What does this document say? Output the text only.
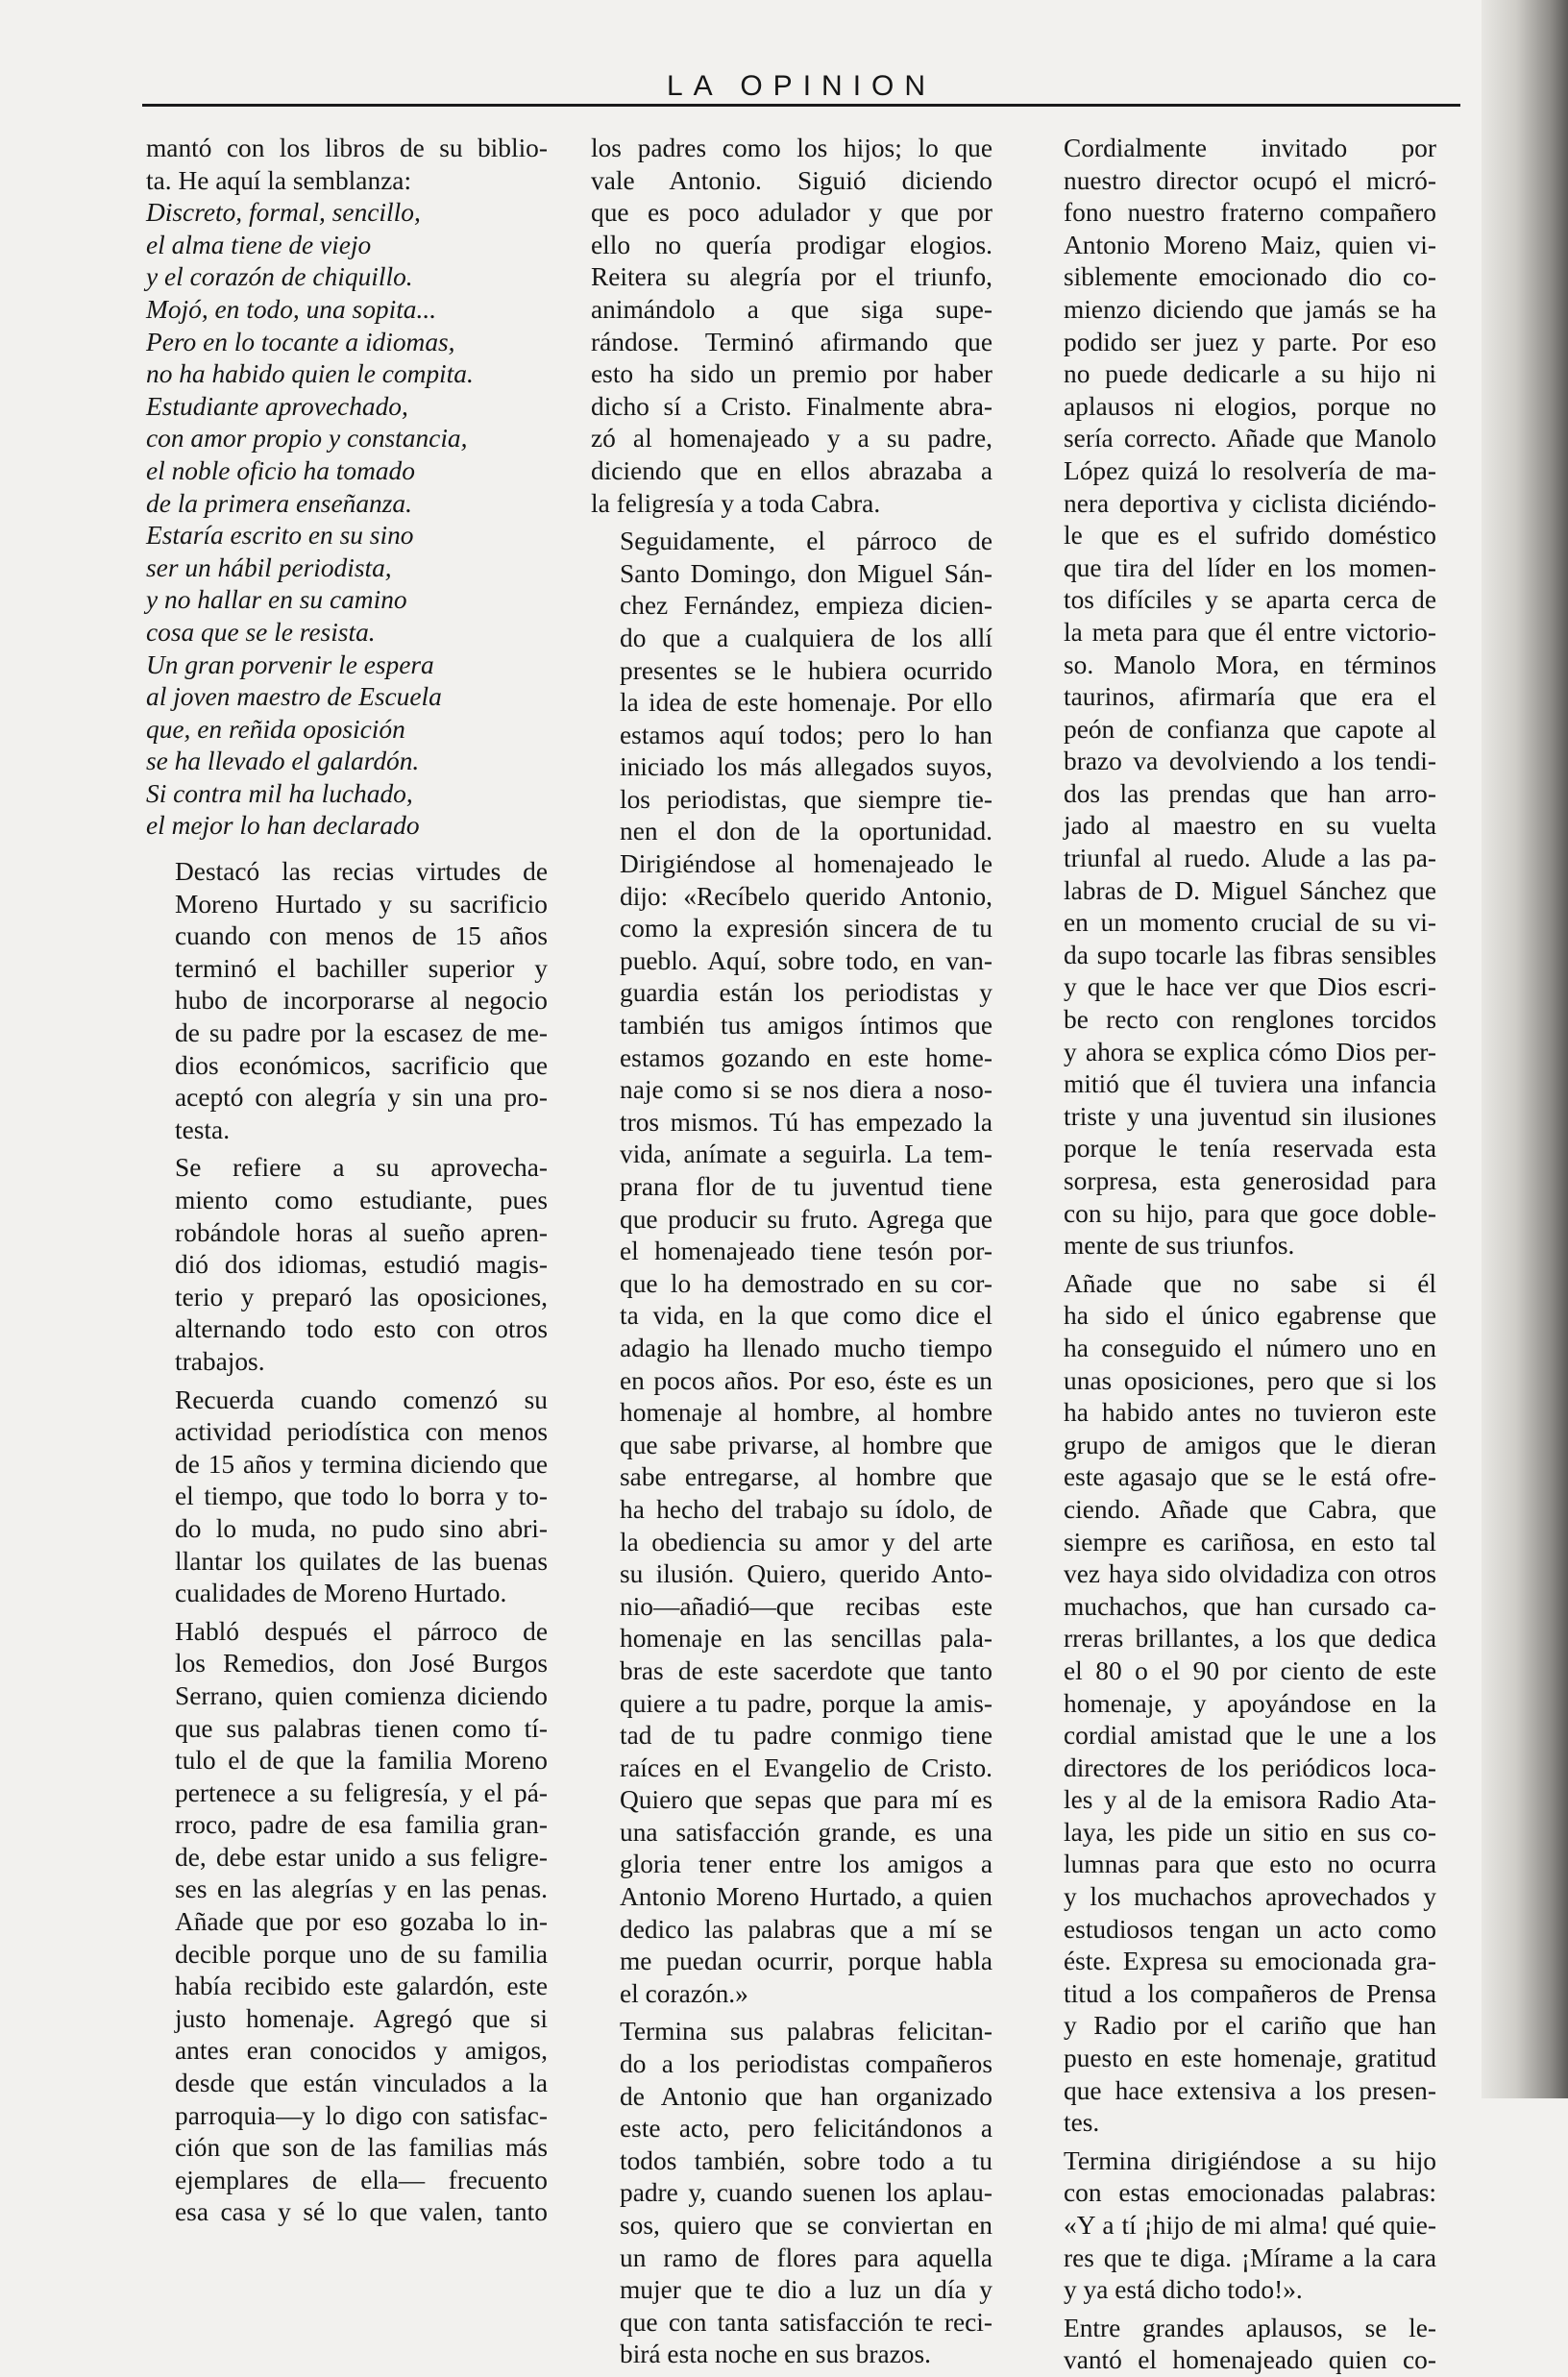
LA OPINION

mantó con los libros de su biblio-
ta. He aquí la semblanza:

Discreto, formal, sencillo,
el alma tiene de viejo
y el corazón de chiquillo.
Mojó, en todo, una sopita...
Pero en lo tocante a idiomas,
no ha habido quien le compita.
Estudiante aprovechado,
con amor propio y constancia,
el noble oficio ha tomado
de la primera enseñanza.
Estaría escrito en su sino
ser un hábil periodista,
y no hallar en su camino
cosa que se le resista.
Un gran porvenir le espera
al joven maestro de Escuela
que, en reñida oposición
se ha llevado el galardón.
Si contra mil ha luchado,
el mejor lo han declarado

Destacó las recias virtudes de
Moreno Hurtado y su sacrificio
cuando con menos de 15 años
terminó el bachiller superior y
hubo de incorporarse al negocio
de su padre por la escasez de me-
dios económicos, sacrificio que
aceptó con alegría y sin una pro-
testa.

Se refiere a su aprovecha-
miento como estudiante, pues
robándole horas al sueño apren-
dió dos idiomas, estudió magis-
terio y preparó las oposiciones,
alternando todo esto con otros
trabajos.

Recuerda cuando comenzó su
actividad periodística con menos
de 15 años y termina diciendo que
el tiempo, que todo lo borra y to-
do lo muda, no pudo sino abri-
llantar los quilates de las buenas
cualidades de Moreno Hurtado.

Habló después el párroco de
los Remedios, don José Burgos
Serrano, quien comienza diciendo
que sus palabras tienen como tí-
tulo el de que la familia Moreno
pertenece a su feligresía, y el pá-
rroco, padre de esa familia gran-
de, debe estar unido a sus feligre-
ses en las alegrías y en las penas.
Añade que por eso gozaba lo in-
decible porque uno de su familia
había recibido este galardón, este
justo homenaje. Agregó que si
antes eran conocidos y amigos,
desde que están vinculados a la
parroquia—y lo digo con satisfac-
ción que son de las familias más
ejemplares de ella— frecuento
esa casa y sé lo que valen, tanto

los padres como los hijos; lo que
vale Antonio. Siguió diciendo
que es poco adulador y que por
ello no quería prodigar elogios.
Reitera su alegría por el triunfo,
animándolo a que siga supe-
rándose. Terminó afirmando que
esto ha sido un premio por haber
dicho sí a Cristo. Finalmente abra-
zó al homenajeado y a su padre,
diciendo que en ellos abrazaba a
la feligresía y a toda Cabra.

Seguidamente, el párroco de
Santo Domingo, don Miguel Sán-
chez Fernández, empieza dicien-
do que a cualquiera de los allí
presentes se le hubiera ocurrido
la idea de este homenaje. Por ello
estamos aquí todos; pero lo han
iniciado los más allegados suyos,
los periodistas, que siempre tie-
nen el don de la oportunidad.
Dirigiéndose al homenajeado le
dijo: «Recíbelo querido Antonio,
como la expresión sincera de tu
pueblo. Aquí, sobre todo, en van-
guardia están los periodistas y
también tus amigos íntimos que
estamos gozando en este home-
naje como si se nos diera a noso-
tros mismos. Tú has empezado la
vida, anímate a seguirla. La tem-
prana flor de tu juventud tiene
que producir su fruto. Agrega que
el homenajeado tiene tesón por-
que lo ha demostrado en su cor-
ta vida, en la que como dice el
adagio ha llenado mucho tiempo
en pocos años. Por eso, éste es un
homenaje al hombre, al hombre
que sabe privarse, al hombre que
sabe entregarse, al hombre que
ha hecho del trabajo su ídolo, de
la obediencia su amor y del arte
su ilusión. Quiero, querido Anto-
nio—añadió—que recibas este
homenaje en las sencillas pala-
bras de este sacerdote que tanto
quiere a tu padre, porque la amis-
tad de tu padre conmigo tiene
raíces en el Evangelio de Cristo.
Quiero que sepas que para mí es
una satisfacción grande, es una
gloria tener entre los amigos a
Antonio Moreno Hurtado, a quien
dedico las palabras que a mí se
me puedan ocurrir, porque habla
el corazón.»

Termina sus palabras felicitan-
do a los periodistas compañeros
de Antonio que han organizado
este acto, pero felicitándonos a
todos también, sobre todo a tu
padre y, cuando suenen los aplau-
sos, quiero que se conviertan en
un ramo de flores para aquella
mujer que te dio a luz un día y
que con tanta satisfacción te reci-
birá esta noche en sus brazos.

Cordialmente invitado por
nuestro director ocupó el micró-
fono nuestro fraterno compañero
Antonio Moreno Maiz, quien vi-
siblemente emocionado dio co-
mienzo diciendo que jamás se ha
podido ser juez y parte. Por eso
no puede dedicarle a su hijo ni
aplausos ni elogios, porque no
sería correcto. Añade que Manolo
López quizá lo resolvería de ma-
nera deportiva y ciclista diciéndo-
le que es el sufrido doméstico
que tira del líder en los momen-
tos difíciles y se aparta cerca de
la meta para que él entre victorio-
so. Manolo Mora, en términos
taurinos, afirmaría que era el
peón de confianza que capote al
brazo va devolviendo a los tendi-
dos las prendas que han arro-
jado al maestro en su vuelta
triunfal al ruedo. Alude a las pa-
labras de D. Miguel Sánchez que
en un momento crucial de su vi-
da supo tocarle las fibras sensibles
y que le hace ver que Dios escri-
be recto con renglones torcidos
y ahora se explica cómo Dios per-
mitió que él tuviera una infancia
triste y una juventud sin ilusiones
porque le tenía reservada esta
sorpresa, esta generosidad para
con su hijo, para que goce doble-
mente de sus triunfos.

Añade que no sabe si él
ha sido el único egabrense que
ha conseguido el número uno en
unas oposiciones, pero que si los
ha habido antes no tuvieron este
grupo de amigos que le dieran
este agasajo que se le está ofre-
ciendo. Añade que Cabra, que
siempre es cariñosa, en esto tal
vez haya sido olvidadiza con otros
muchachos, que han cursado ca-
rreras brillantes, a los que dedica
el 80 o el 90 por ciento de este
homenaje, y apoyándose en la
cordial amistad que le une a los
directores de los periódicos loca-
les y al de la emisora Radio Ata-
laya, les pide un sitio en sus co-
lumnas para que esto no ocurra
y los muchachos aprovechados y
estudiosos tengan un acto como
éste. Expresa su emocionada gra-
titud a los compañeros de Prensa
y Radio por el cariño que han
puesto en este homenaje, gratitud
que hace extensiva a los presen-
tes.

Termina dirigiéndose a su hijo
con estas emocionadas palabras:
«Y a tí ¡hijo de mi alma! qué quie-
res que te diga. ¡Mírame a la cara
y ya está dicho todo!».

Entre grandes aplausos, se le-
vantó el homenajeado quien co-
